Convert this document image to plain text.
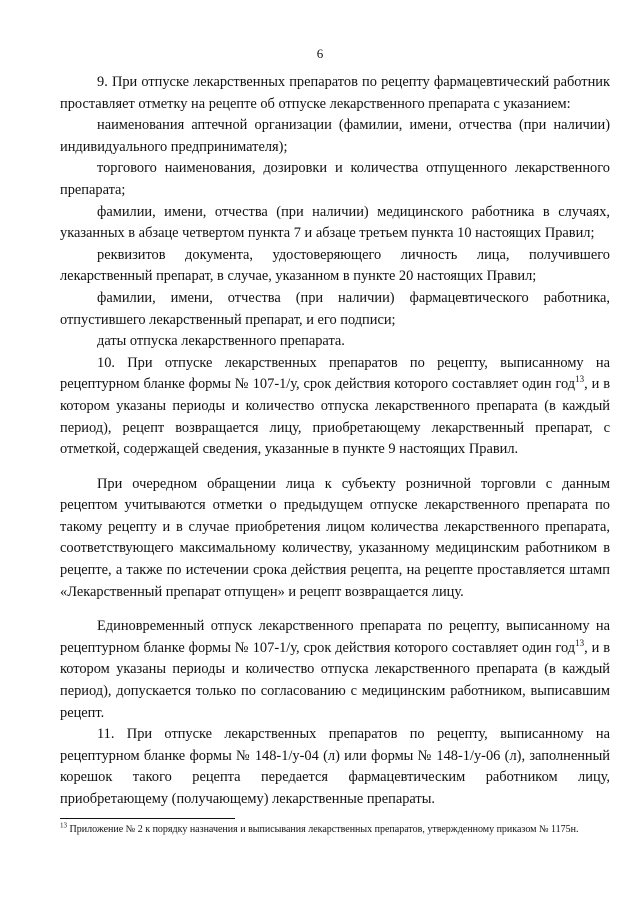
6

9. При отпуске лекарственных препаратов по рецепту фармацевтический работник проставляет отметку на рецепте об отпуске лекарственного препарата с указанием:

наименования аптечной организации (фамилии, имени, отчества (при наличии) индивидуального предпринимателя);

торгового наименования, дозировки и количества отпущенного лекарственного препарата;

фамилии, имени, отчества (при наличии) медицинского работника в случаях, указанных в абзаце четвертом пункта 7 и абзаце третьем пункта 10 настоящих Правил;

реквизитов документа, удостоверяющего личность лица, получившего лекарственный препарат, в случае, указанном в пункте 20 настоящих Правил;

фамилии, имени, отчества (при наличии) фармацевтического работника, отпустившего лекарственный препарат, и его подписи;

даты отпуска лекарственного препарата.

10. При отпуске лекарственных препаратов по рецепту, выписанному на рецептурном бланке формы № 107-1/у, срок действия которого составляет один год$^{13}$, и в котором указаны периоды и количество отпуска лекарственного препарата (в каждый период), рецепт возвращается лицу, приобретающему лекарственный препарат, с отметкой, содержащей сведения, указанные в пункте 9 настоящих Правил.

При очередном обращении лица к субъекту розничной торговли с данным рецептом учитываются отметки о предыдущем отпуске лекарственного препарата по такому рецепту и в случае приобретения лицом количества лекарственного препарата, соответствующего максимальному количеству, указанному медицинским работником в рецепте, а также по истечении срока действия рецепта, на рецепте проставляется штамп «Лекарственный препарат отпущен» и рецепт возвращается лицу.

Единовременный отпуск лекарственного препарата по рецепту, выписанному на рецептурном бланке формы № 107-1/у, срок действия которого составляет один год$^{13}$, и в котором указаны периоды и количество отпуска лекарственного препарата (в каждый период), допускается только по согласованию с медицинским работником, выписавшим рецепт.

11. При отпуске лекарственных препаратов по рецепту, выписанному на рецептурном бланке формы № 148-1/у-04 (л) или формы № 148-1/у-06 (л), заполненный корешок такого рецепта передается фармацевтическим работником лицу, приобретающему (получающему) лекарственные препараты.

$^{13}$ Приложение № 2 к порядку назначения и выписывания лекарственных препаратов, утвержденному приказом № 1175н.
